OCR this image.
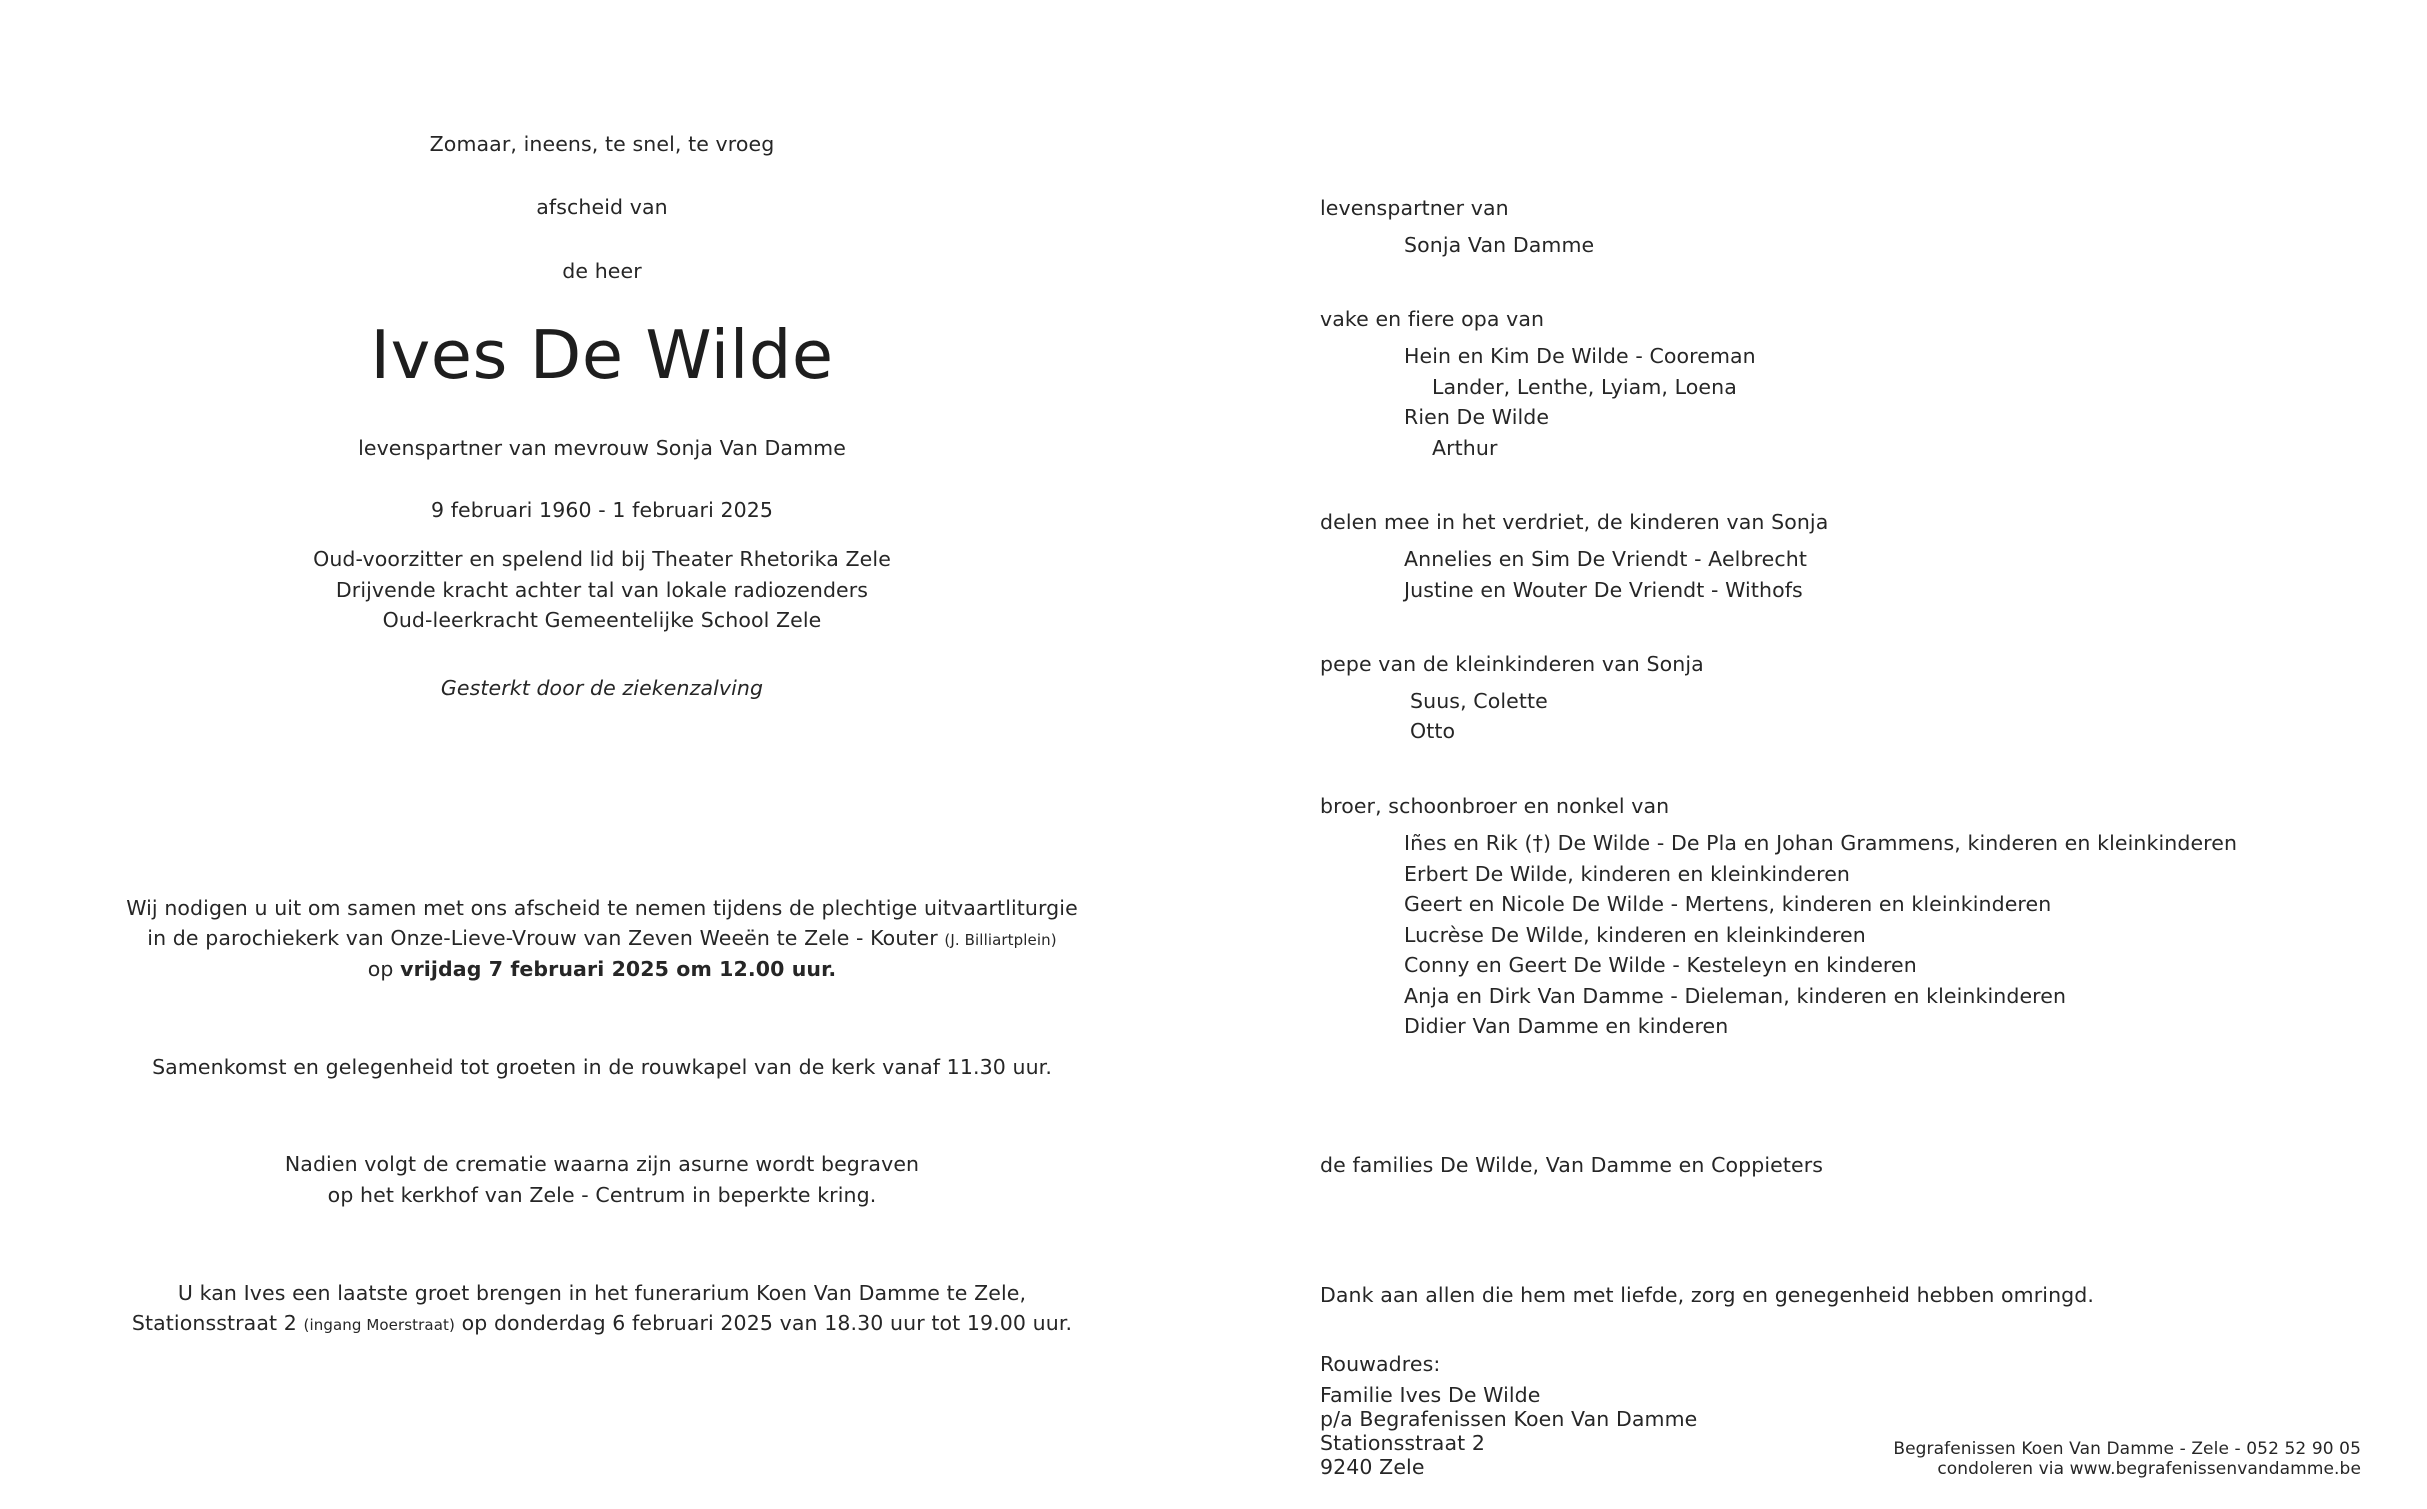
Zomaar, ineens, te snel, te vroeg
afscheid van
de heer
Ives De Wilde
levenspartner van mevrouw Sonja Van Damme
9 februari 1960 - 1 februari 2025
Oud-voorzitter en spelend lid bij Theater Rhetorika Zele
Drijvende kracht achter tal van lokale radiozenders
Oud-leerkracht Gemeentelijke School Zele
Gesterkt door de ziekenzalving
Wij nodigen u uit om samen met ons afscheid te nemen tijdens de plechtige uitvaartliturgie
in de parochiekerk van Onze-Lieve-Vrouw van Zeven Weeën te Zele - Kouter (J. Billiartplein)
op vrijdag 7 februari 2025 om 12.00 uur.
Samenkomst en gelegenheid tot groeten in de rouwkapel van de kerk vanaf 11.30 uur.
Nadien volgt de crematie waarna zijn asurne wordt begraven
op het kerkhof van Zele - Centrum in beperkte kring.
U kan Ives een laatste groet brengen in het funerarium Koen Van Damme te Zele,
Stationsstraat 2 (ingang Moerstraat) op donderdag 6 februari 2025 van 18.30 uur tot 19.00 uur.
levenspartner van
Sonja Van Damme
vake en fiere opa van
Hein en Kim De Wilde - Cooreman
Lander, Lenthe, Lyiam, Loena
Rien De Wilde
Arthur
delen mee in het verdriet, de kinderen van Sonja
Annelies en Sim De Vriendt - Aelbrecht
Justine en Wouter De Vriendt - Withofs
pepe van de kleinkinderen van Sonja
Suus, Colette
Otto
broer, schoonbroer en nonkel van
Iñes en Rik (†) De Wilde - De Pla en Johan Grammens, kinderen en kleinkinderen
Erbert De Wilde, kinderen en kleinkinderen
Geert en Nicole De Wilde - Mertens, kinderen en kleinkinderen
Lucrèse De Wilde, kinderen en kleinkinderen
Conny en Geert De Wilde - Kesteleyn en kinderen
Anja en Dirk Van Damme - Dieleman, kinderen en kleinkinderen
Didier Van Damme en kinderen
de families De Wilde, Van Damme en Coppieters
Dank aan allen die hem met liefde, zorg en genegenheid hebben omringd.
Rouwadres:
Familie Ives De Wilde
p/a Begrafenissen Koen Van Damme
Stationsstraat 2
9240 Zele
Begrafenissen Koen Van Damme - Zele - 052 52 90 05
condoleren via www.begrafenissenvandamme.be
